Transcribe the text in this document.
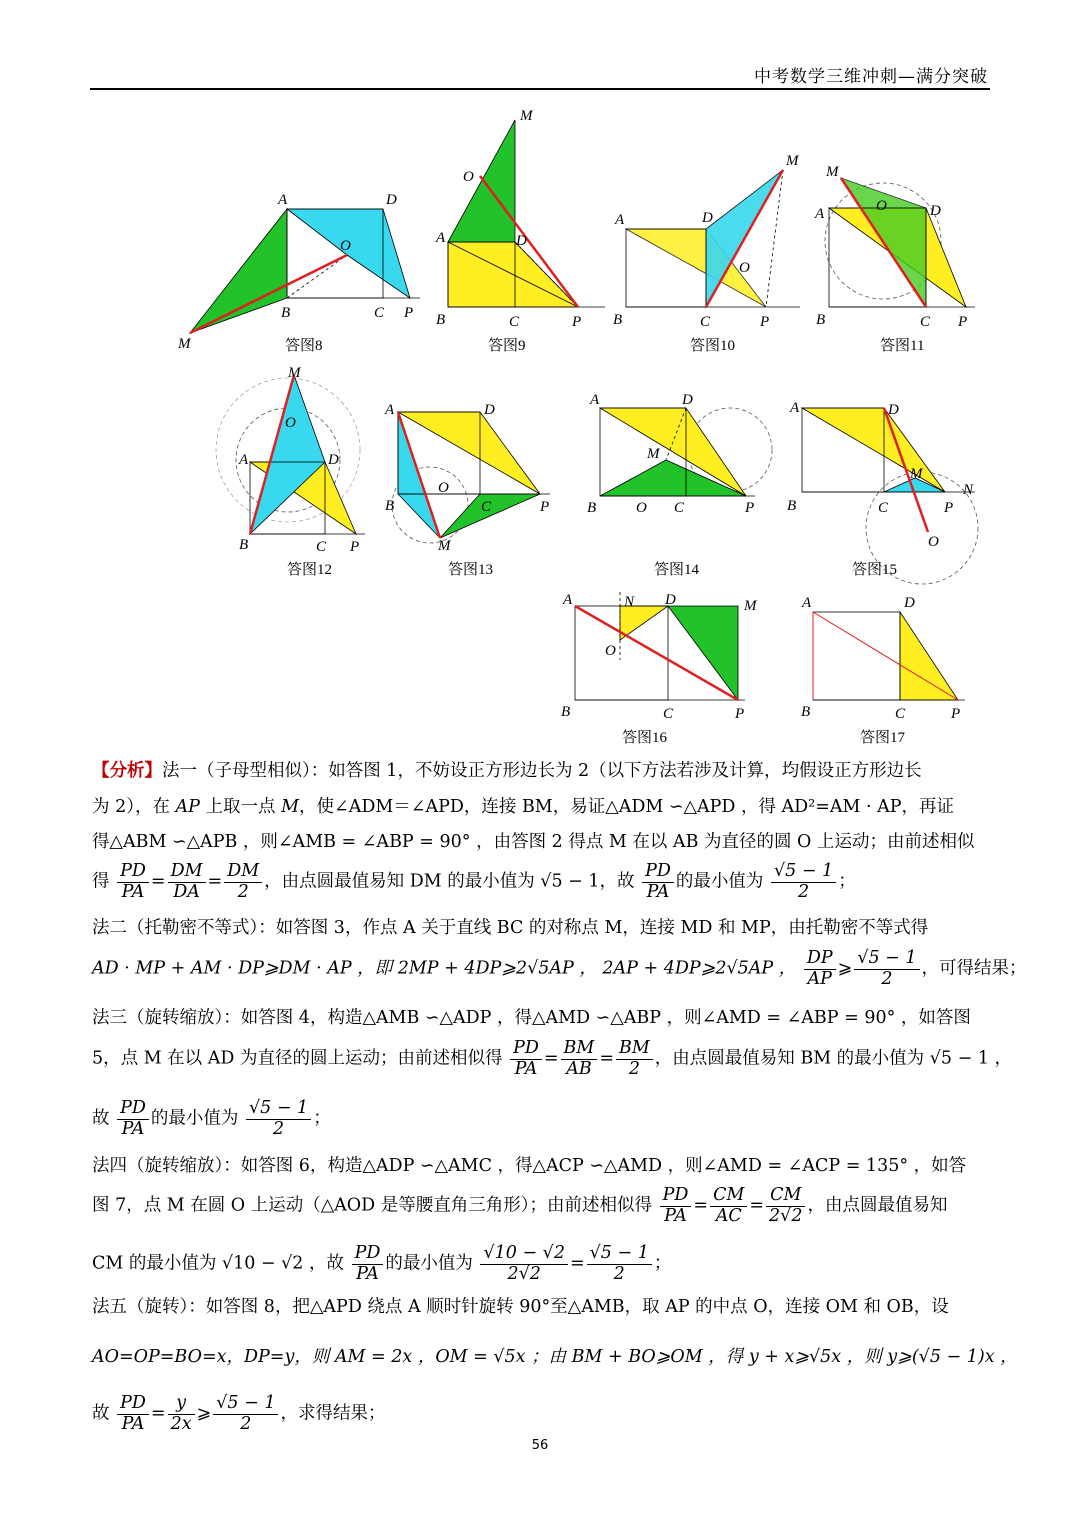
中考数学三维冲刺—满分突破
A	D
B	C P
M
O
M
O
A	D
B	C	P
A	D
M
O
B	C	P
M
A	O	D
B	C P
M
O
A	D
B	C P
A	D
O
B	C	P
M
A	D
M
B	O C	P
A	D
M
N
B	C	P
O
A	N D	M
O
B	C	P
A	D
B	C	P
答图8	答图9	答图10	答图11
答图12	答图13	答图14	答图15
答图16	答图17
【分析】法一（子母型相似）：如答图 1，不妨设正方形边长为 2（以下方法若涉及计算，均假设正方形边长
为 2），在 AP 上取一点 M，使∠ADM＝∠APD，连接 BM，易证△ADM ∽△APD ，得 AD²=AM · AP，再证
得△ABM ∽△APB ，则∠AMB = ∠ABP = 90° ，由答图 2 得点 M 在以 AB 为直径的圆 O 上运动；由前述相似
得 $\frac{PD}{PA} = \frac{DM}{DA} = \frac{DM}{2}$ ，由点圆最值易知 DM 的最小值为 √5 − 1，故 $\frac{PD}{PA}$ 的最小值为 $\frac{√5 - 1}{2}$ ；
法二（托勒密不等式）：如答图 3，作点 A 关于直线 BC 的对称点 M，连接 MD 和 MP，由托勒密不等式得
AD · MP + AM · DP⩾DM · AP ，即 2MP + 4DP⩾2√5AP ， 2AP + 4DP⩾2√5AP ， $\frac{DP}{AP}$ ⩾ $\frac{√5 - 1}{2}$ ，可得结果；
法三（旋转缩放）：如答图 4，构造△AMB ∽△ADP ，得△AMD ∽△ABP ，则∠AMD = ∠ABP = 90° ，如答图
5，点 M 在以 AD 为直径的圆上运动；由前述相似得 $\frac{PD}{PA} = \frac{BM}{AB} = \frac{BM}{2}$ ，由点圆最值易知 BM 的最小值为 √5 − 1 ，
故 $\frac{PD}{PA}$ 的最小值为 $\frac{√5 - 1}{2}$ ；
法四（旋转缩放）：如答图 6，构造△ADP ∽△AMC ，得△ACP ∽△AMD ，则∠AMD = ∠ACP = 135° ，如答
图 7，点 M 在圆 O 上运动（△AOD 是等腰直角三角形）；由前述相似得 $\frac{PD}{PA} = \frac{CM}{AC} = \frac{CM}{2√2}$ ，由点圆最值易知
CM 的最小值为 √10 − √2 ，故 $\frac{PD}{PA}$ 的最小值为 $\frac{√10 - √2}{2√2} = \frac{√5 - 1}{2}$ ；
法五（旋转）：如答图 8，把△APD 绕点 A 顺时针旋转 90°至△AMB，取 AP 的中点 O，连接 OM 和 OB，设
AO=OP=BO=x，DP=y，则 AM = 2x ，OM = √5x ；由 BM + BO⩾OM ，得 y + x⩾√5x ，则 y⩾(√5 − 1)x ，
故 $\frac{PD}{PA} = \frac{y}{2x}$ ⩾ $\frac{√5 - 1}{2}$ ，求得结果；
56
